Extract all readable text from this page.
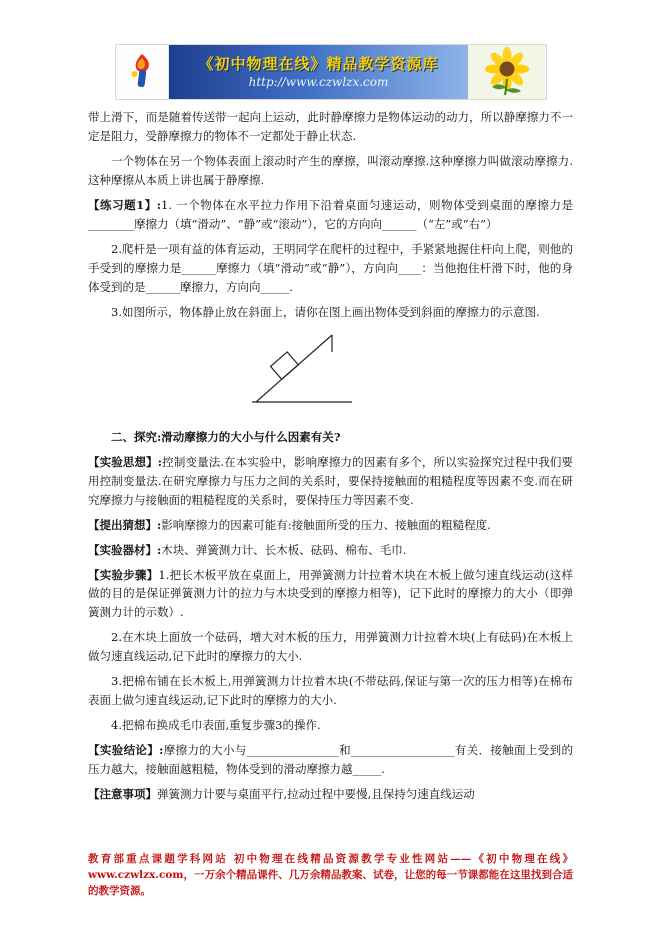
《初中物理在线》精品教学资源库
http://www.czwlzx.com

带上滑下，而是随着传送带一起向上运动，此时静摩擦力是物体运动的动力，所以静摩擦力不一定是阻力，受静摩擦力的物体不一定都处于静止状态.

一个物体在另一个物体表面上滚动时产生的摩擦，叫滚动摩擦.这种摩擦力叫做滚动摩擦力.这种摩擦从本质上讲也属于静摩擦.

【练习题1】:1. 一个物体在水平拉力作用下沿着桌面匀速运动，则物体受到桌面的摩擦力是________摩擦力（填“滑动”、“静”或“滚动”），它的方向向______（“左”或“右”）

2.爬杆是一项有益的体育运动，王明同学在爬杆的过程中，手紧紧地握住杆向上爬，则他的手受到的摩擦力是______摩擦力（填“滑动”或“静”），方向向____：当他抱住杆滑下时，他的身体受到的是______摩擦力，方向向_____.

3.如图所示，物体静止放在斜面上，请你在图上画出物体受到斜面的摩擦力的示意图.

二、探究:滑动摩擦力的大小与什么因素有关?

【实验思想】:控制变量法.在本实验中，影响摩擦力的因素有多个，所以实验探究过程中我们要用控制变量法.在研究摩擦力与压力之间的关系时，要保持接触面的粗糙程度等因素不变.而在研究摩擦力与接触面的粗糙程度的关系时，要保持压力等因素不变.

【提出猜想】:影响摩擦力的因素可能有:接触面所受的压力、接触面的粗糙程度.

【实验器材】:木块、弹簧测力计、长木板、砝码、棉布、毛巾.

【实验步骤】1.把长木板平放在桌面上，用弹簧测力计拉着木块在木板上做匀速直线运动(这样做的目的是保证弹簧测力计的拉力与木块受到的摩擦力相等)，记下此时的摩擦力的大小（即弹簧测力计的示数）.

2.在木块上面放一个砝码，增大对木板的压力，用弹簧测力计拉着木块(上有砝码)在木板上做匀速直线运动,记下此时的摩擦力的大小.

3.把棉布铺在长木板上,用弹簧测力计拉着木块(不带砝码,保证与第一次的压力相等)在棉布表面上做匀速直线运动,记下此时的摩擦力的大小.

4.把棉布换成毛巾表面,重复步骤3的操作.

【实验结论】:摩擦力的大小与________________和__________________有关．接触面上受到的压力越大，接触面越粗糙，物体受到的滑动摩擦力越_____.

【注意事项】弹簧测力计要与桌面平行,拉动过程中要慢,且保持匀速直线运动

教育部重点课题学科网站 初中物理在线精品资源教学专业性网站——《初中物理在线》www.czwlzx.com，一万余个精品课件、几万余精品教案、试卷，让您的每一节课都能在这里找到合适的教学资源。
